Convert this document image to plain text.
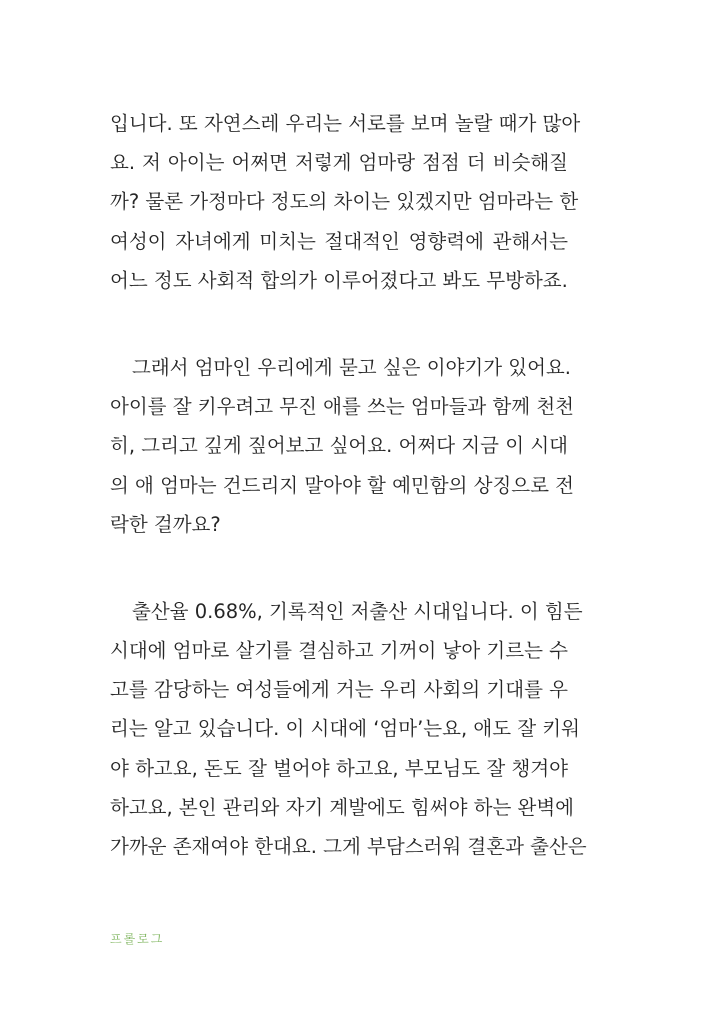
입니다. 또 자연스레 우리는 서로를 보며 놀랄 때가 많아
요. 저 아이는 어쩌면 저렇게 엄마랑 점점 더 비슷해질
까? 물론 가정마다 정도의 차이는 있겠지만 엄마라는 한
여성이 자녀에게 미치는 절대적인 영향력에 관해서는
어느 정도 사회적 합의가 이루어졌다고 봐도 무방하죠.
그래서 엄마인 우리에게 묻고 싶은 이야기가 있어요.
아이를 잘 키우려고 무진 애를 쓰는 엄마들과 함께 천천
히, 그리고 깊게 짚어보고 싶어요. 어쩌다 지금 이 시대
의 애 엄마는 건드리지 말아야 할 예민함의 상징으로 전
락한 걸까요?
출산율 0.68%, 기록적인 저출산 시대입니다. 이 힘든
시대에 엄마로 살기를 결심하고 기꺼이 낳아 기르는 수
고를 감당하는 여성들에게 거는 우리 사회의 기대를 우
리는 알고 있습니다. 이 시대에 ‘엄마’는요, 애도 잘 키워
야 하고요, 돈도 잘 벌어야 하고요, 부모님도 잘 챙겨야
하고요, 본인 관리와 자기 계발에도 힘써야 하는 완벽에
가까운 존재여야 한대요. 그게 부담스러워 결혼과 출산은
프롤로그
